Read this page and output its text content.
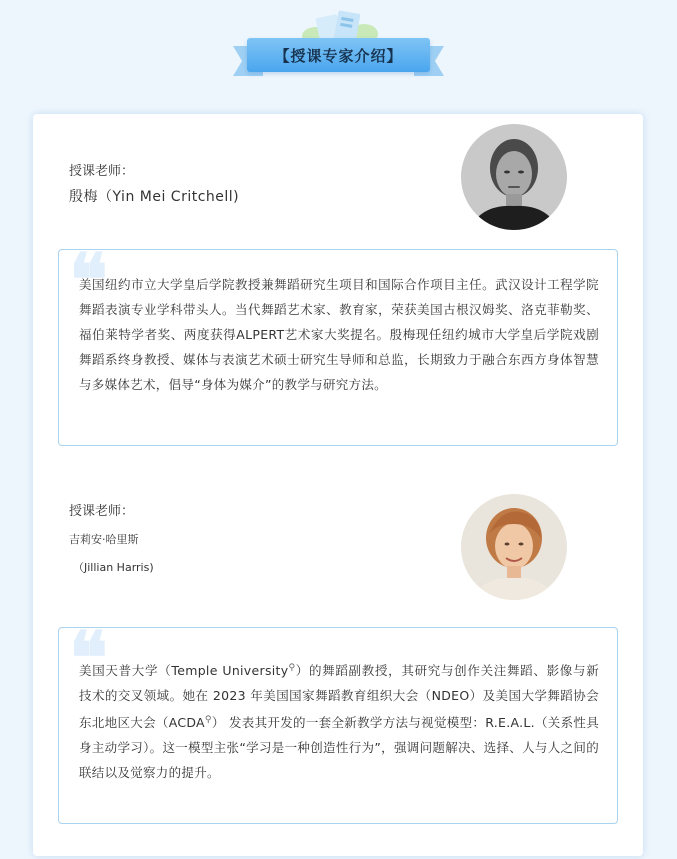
【授课专家介绍】
授课老师：
殷梅（Yin Mei Critchell)
❝
美国纽约市立大学皇后学院教授兼舞蹈研究生项目和国际合作项目主任。武汉设计工程学院舞蹈表演专业学科带头人。当代舞蹈艺术家、教育家，荣获美国古根汉姆奖、洛克菲勒奖、福伯莱特学者奖、两度获得ALPERT艺术家大奖提名。殷梅现任纽约城市大学皇后学院戏剧舞蹈系终身教授、媒体与表演艺术硕士研究生导师和总监，长期致力于融合东西方身体智慧与多媒体艺术，倡导“身体为媒介”的教学与研究方法。
授课老师：
吉莉安·哈里斯
（Jillian Harris)
❝
美国天普大学（Temple University⚲）的舞蹈副教授，其研究与创作关注舞蹈、影像与新技术的交叉领域。她在 2023 年美国国家舞蹈教育组织大会（NDEO）及美国大学舞蹈协会东北地区大会（ACDA⚲） 发表其开发的一套全新教学方法与视觉模型：R.E.A.L.（关系性具身主动学习）。这一模型主张“学习是一种创造性行为”，强调问题解决、选择、人与人之间的联结以及觉察力的提升。
